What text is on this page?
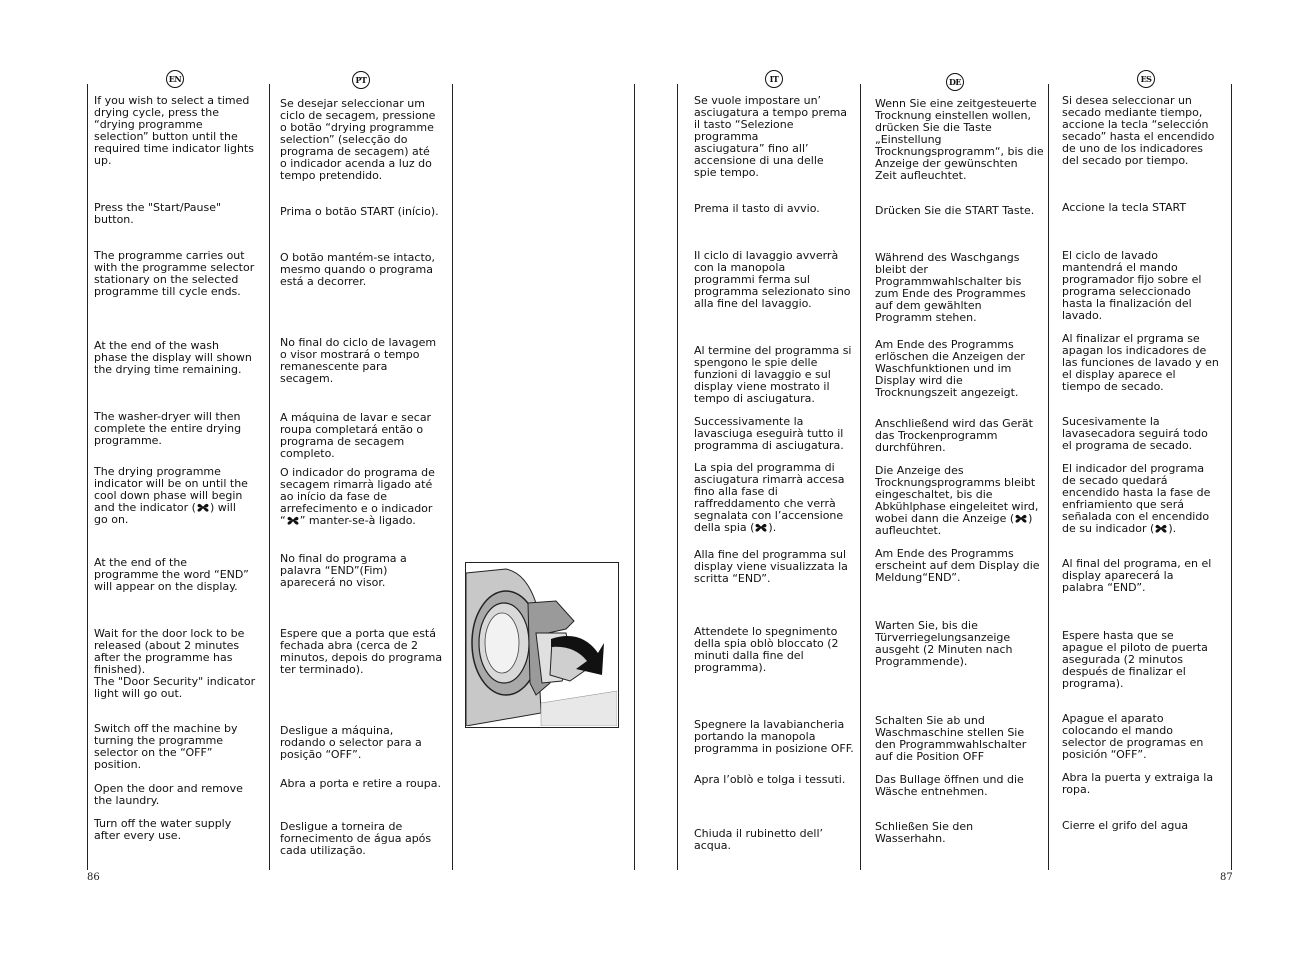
EN	PT

If you wish to select a timed
drying cycle, press the
“drying programme
selection” button until the
required time indicator lights
up.

Press the "Start/Pause"
button.

The programme carries out
with the programme selector
stationary on the selected
programme till cycle ends.

At the end of the wash
phase the display will shown
the drying time remaining.

The washer-dryer will then
complete the entire drying
programme.

The drying programme
indicator will be on until the
cool down phase will begin
and the indicator ( ) will
go on.

At the end of the
programme the word “END”
will appear on the display.

Wait for the door lock to be
released (about 2 minutes
after the programme has
finished).
The "Door Security" indicator
light will go out.

Switch off the machine by
turning the programme
selector on the “OFF”
position.

Open the door and remove
the laundry.

Turn off the water supply
after every use.

Se desejar seleccionar um
ciclo de secagem, pressione
o botão “drying programme
selection” (selecção do
programa de secagem) até
o indicador acenda a luz do
tempo pretendido.

Prima o botão START (início).

O botão mantém-se intacto,
mesmo quando o programa
está a decorrer.

No final do ciclo de lavagem
o visor mostrará o tempo
remanescente para
secagem.

A máquina de lavar e secar
roupa completará então o
programa de secagem
completo.

O indicador do programa de
secagem rimarrà ligado até
ao início da fase de
arrefecimento e o indicador
“ ” manter-se-à ligado.

No final do programa a
palavra “END”(Fim)
aparecerá no visor.

Espere que a porta que está
fechada abra (cerca de 2
minutos, depois do programa
ter terminado).

Desligue a máquina,
rodando o selector para a
posição “OFF”.

Abra a porta e retire a roupa.

Desligue a torneira de
fornecimento de água após
cada utilização.

86
IT	DE	ES

Se vuole impostare un’
asciugatura a tempo prema
il tasto “Selezione
programma
asciugatura” fino all’
accensione di una delle
spie tempo.

Prema il tasto di avvio.

Il ciclo di lavaggio avverrà
con la manopola
programmi ferma sul
programma selezionato sino
alla fine del lavaggio.

Al termine del programma si
spengono le spie delle
funzioni di lavaggio e sul
display viene mostrato il
tempo di asciugatura.

Successivamente la
lavasciuga eseguirà tutto il
programma di asciugatura.

La spia del programma di
asciugatura rimarrà accesa
fino alla fase di
raffreddamento che verrà
segnalata con l’accensione
della spia ( ).

Alla fine del programma sul
display viene visualizzata la
scritta “END”.

Attendete lo spegnimento
della spia oblò bloccato (2
minuti dalla fine del
programma).

Spegnere la lavabiancheria
portando la manopola
programma in posizione OFF.

Apra l’oblò e tolga i tessuti.

Chiuda il rubinetto dell’
acqua.

Wenn Sie eine zeitgesteuerte
Trocknung einstellen wollen,
drücken Sie die Taste
„Einstellung
Trocknungsprogramm“, bis die
Anzeige der gewünschten
Zeit aufleuchtet.

Drücken Sie die START Taste.

Während des Waschgangs
bleibt der
Programmwahlschalter bis
zum Ende des Programmes
auf dem gewählten
Programm stehen.

Am Ende des Programms
erlöschen die Anzeigen der
Waschfunktionen und im
Display wird die
Trocknungszeit angezeigt.

Anschließend wird das Gerät
das Trockenprogramm
durchführen.

Die Anzeige des
Trocknungsprogramms bleibt
eingeschaltet, bis die
Abkühlphase eingeleitet wird,
wobei dann die Anzeige ( )
aufleuchtet.

Am Ende des Programms
erscheint auf dem Display die
Meldung“END”.

Warten Sie, bis die
Türverriegelungsanzeige
ausgeht (2 Minuten nach
Programmende).

Schalten Sie ab und
Waschmaschine stellen Sie
den Programmwahlschalter
auf die Position OFF

Das Bullage öffnen und die
Wäsche entnehmen.

Schließen Sie den
Wasserhahn.

Si desea seleccionar un
secado mediante tiempo,
accione la tecla “selección
secado” hasta el encendido
de uno de los indicadores
del secado por tiempo.

Accione la tecla START

El ciclo de lavado
mantendrá el mando
programador fijo sobre el
programa seleccionado
hasta la finalización del
lavado.

Al finalizar el prgrama se
apagan los indicadores de
las funciones de lavado y en
el display aparece el
tiempo de secado.

Sucesivamente la
lavasecadora seguirá todo
el programa de secado.

El indicador del programa
de secado quedará
encendido hasta la fase de
enfriamiento que será
señalada con el encendido
de su indicador ( ).

Al final del programa, en el
display aparecerá la
palabra “END”.

Espere hasta que se
apague el piloto de puerta
asegurada (2 minutos
después de finalizar el
programa).

Apague el aparato
colocando el mando
selector de programas en
posición “OFF”.

Abra la puerta y extraiga la
ropa.

Cierre el grifo del agua

87
